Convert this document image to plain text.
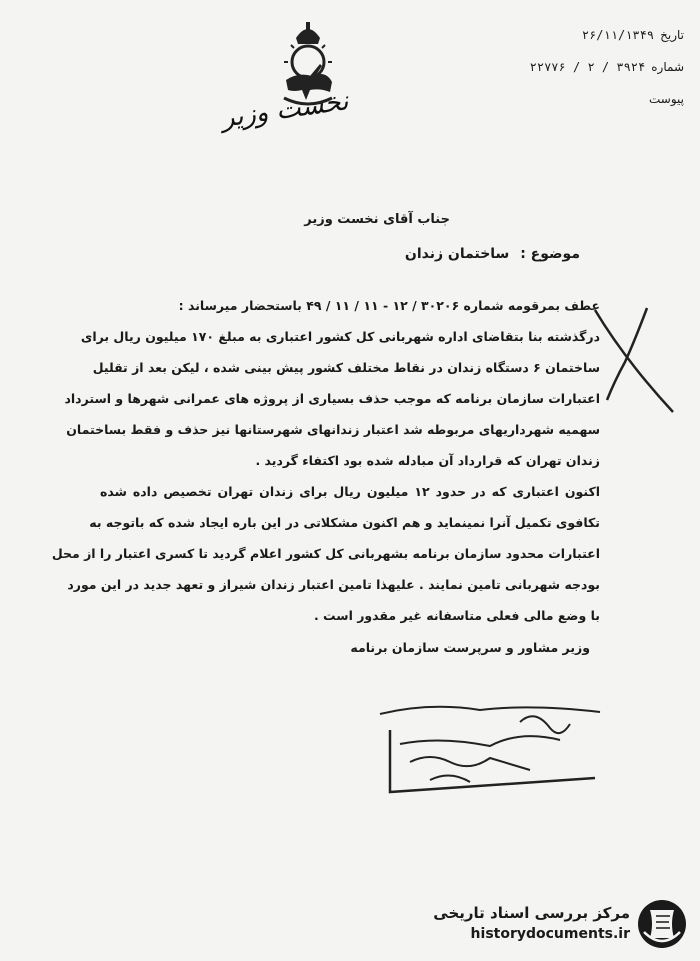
نخست وزیر
تاریخ
۲۶/۱۱/۱۳۴۹
شماره
۳۹۲۴ / ۲ / ۲۲۷۷۶
پیوست
جناب آقای نخست وزیر
موضوع : ساختمان زندان
عطف بمرقومه شماره ۳۰۲۰۶ / ۱۲ - ۱۱ / ۱۱ / ۴۹ باستحضار میرساند :
درگذشته بنا بتقاضای اداره شهربانی کل کشور اعتباری به مبلغ ۱۷۰ میلیون ریال برای
ساختمان ۶ دستگاه زندان در نقاط مختلف کشور پیش بینی شده ، لیکن بعد از تقلیل
اعتبارات سازمان برنامه که موجب حذف بسیاری از پروژه های عمرانی شهرها و استرداد
سهمیه شهرداریهای مربوطه شد اعتبار زندانهای شهرستانها نیز حذف و فقط بساختمان
زندان تهران که قرارداد آن مبادله شده بود اکتفاء گردید .
اکنون اعتباری که در حدود ۱۲ میلیون ریال برای زندان تهران تخصیص داده شده
تکافوی تکمیل آنرا نمینماید و هم اکنون مشکلاتی در این باره ایجاد شده که باتوجه به
اعتبارات محدود سازمان برنامه بشهربانی کل کشور اعلام گردید تا کسری اعتبار را از محل
بودجه شهربانی تامین نمایند . علیهذا تامین اعتبار زندان شیراز و تعهد جدید در این مورد
با وضع مالی فعلی متاسفانه غیر مقدور است .
وزیر مشاور و سرپرست سازمان برنامه
مرکز بررسی اسناد تاریخی
historydocuments.ir
